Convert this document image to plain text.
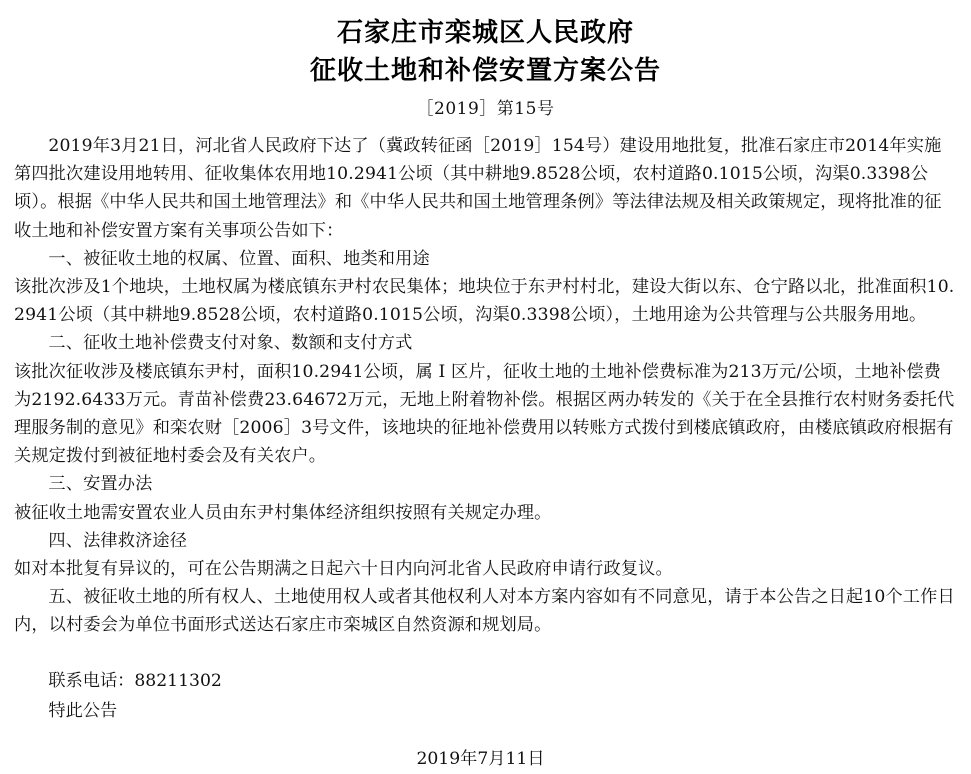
石家庄市栾城区人民政府
征收土地和补偿安置方案公告
［2019］第15号

2019年3月21日，河北省人民政府下达了（冀政转征函［2019］154号）建设用地批复，批准石家庄市2014年实施第四批次建设用地转用、征收集体农用地10.2941公顷（其中耕地9.8528公顷，农村道路0.1015公顷，沟渠0.3398公顷）。根据《中华人民共和国土地管理法》和《中华人民共和国土地管理条例》等法律法规及相关政策规定，现将批准的征收土地和补偿安置方案有关事项公告如下：

一、被征收土地的权属、位置、面积、地类和用途

该批次涉及1个地块，土地权属为楼底镇东尹村农民集体；地块位于东尹村村北，建设大街以东、仓宁路以北，批准面积10.2941公顷（其中耕地9.8528公顷，农村道路0.1015公顷，沟渠0.3398公顷），土地用途为公共管理与公共服务用地。

二、征收土地补偿费支付对象、数额和支付方式

该批次征收涉及楼底镇东尹村，面积10.2941公顷，属 I 区片，征收土地的土地补偿费标准为213万元/公顷，土地补偿费为2192.6433万元。青苗补偿费23.64672万元，无地上附着物补偿。根据区两办转发的《关于在全县推行农村财务委托代理服务制的意见》和栾农财［2006］3号文件，该地块的征地补偿费用以转账方式拨付到楼底镇政府，由楼底镇政府根据有关规定拨付到被征地村委会及有关农户。

三、安置办法

被征收土地需安置农业人员由东尹村集体经济组织按照有关规定办理。

四、法律救济途径

如对本批复有异议的，可在公告期满之日起六十日内向河北省人民政府申请行政复议。

五、被征收土地的所有权人、土地使用权人或者其他权利人对本方案内容如有不同意见，请于本公告之日起10个工作日内，以村委会为单位书面形式送达石家庄市栾城区自然资源和规划局。

联系电话：88211302

特此公告

2019年7月11日
